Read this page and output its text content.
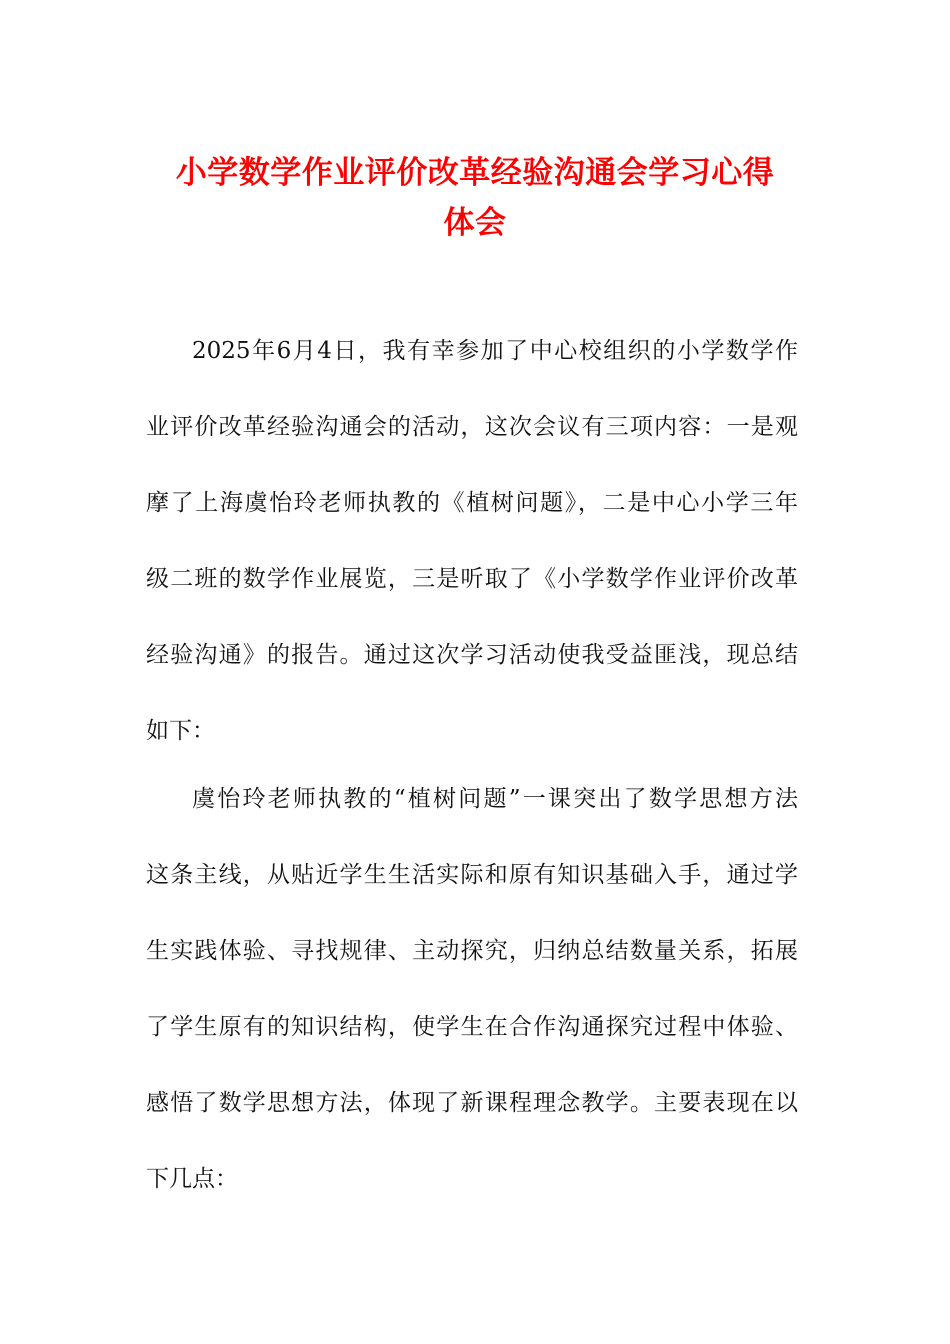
小学数学作业评价改革经验沟通会学习心得
体会
2025年6月4日，我有幸参加了中心校组织的小学数学作
业评价改革经验沟通会的活动，这次会议有三项内容：一是观
摩了上海虞怡玲老师执教的《植树问题》，二是中心小学三年
级二班的数学作业展览，三是听取了《小学数学作业评价改革
经验沟通》的报告。通过这次学习活动使我受益匪浅，现总结
如下：
虞怡玲老师执教的“植树问题”一课突出了数学思想方法
这条主线，从贴近学生生活实际和原有知识基础入手，通过学
生实践体验、寻找规律、主动探究，归纳总结数量关系，拓展
了学生原有的知识结构，使学生在合作沟通探究过程中体验、
感悟了数学思想方法，体现了新课程理念教学。主要表现在以
下几点：
